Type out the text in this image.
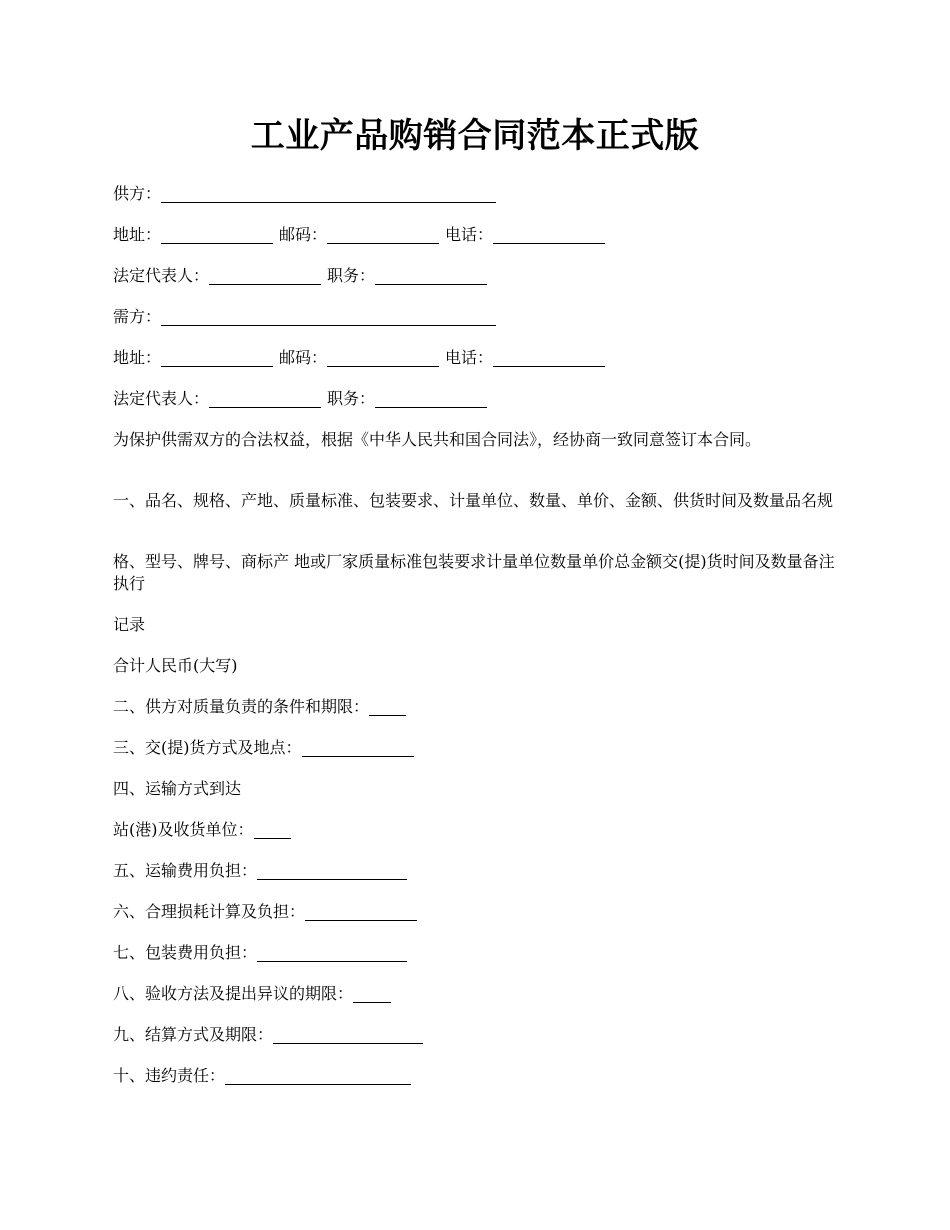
工业产品购销合同范本正式版
供方：
地址：	邮码：	电话：
法定代表人：	职务：
需方：
地址：	邮码：	电话：
法定代表人：	职务：
为保护供需双方的合法权益，根据《中华人民共和国合同法》，经协商一致同意签订本合同。
一、品名、规格、产地、质量标准、包装要求、计量单位、数量、单价、金额、供货时间及数量品名规
格、型号、牌号、商标产 地或厂家质量标准包装要求计量单位数量单价总金额交(提)货时间及数量备注执行
记录
合计人民币(大写)
二、供方对质量负责的条件和期限：
三、交(提)货方式及地点：
四、运输方式到达
站(港)及收货单位：
五、运输费用负担：
六、合理损耗计算及负担：
七、包装费用负担：
八、验收方法及提出异议的期限：
九、结算方式及期限：
十、违约责任：
